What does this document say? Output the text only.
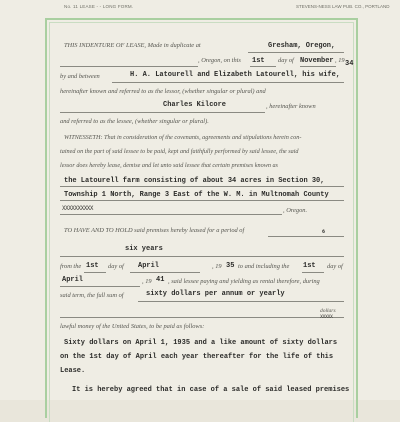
No. 11 LEASE - - LONG FORM.	STEVENS-NESS LAW PUB. CO., PORTLAND
THIS INDENTURE OF LEASE, Made in duplicate at	Gresham, Oregon,
, Oregon, on this 1st day of November , 19 34
by and between	H. A. Latourell and Elizabeth Latourell, his wife,
hereinafter known and referred to as the lessor, (whether singular or plural) and
Charles Kilcore	, hereinafter known
and referred to as the lessee, (whether singular or plural).
WITNESSETH: That in consideration of the covenants, agreements and stipulations herein con-
tained on the part of said lessee to be paid, kept and faithfully performed by said lessee, the said
lessor does hereby lease, demise and let unto said lessee that certain premises known as
the Latourell farm consisting of about 34 acres in Section 30,
Township 1 North, Range 3 East of the W. M. in Multnomah County
XXXXXXXXXX	, Oregon.
TO HAVE AND TO HOLD said premises hereby leased for a period of	6
six years
from the 1st day of April	, 19 35 to and including the 1st day of
April	, 19 41 , said lessee paying and yielding as rental therefore, during
said term, the full sum of	sixty dollars per annum or yearly
dollars
XXXXX
lawful money of the United States, to be paid as follows:
Sixty dollars on April 1, 1935 and a like amount of sixty dollars
on the 1st day of April each year thereafter for the life of this
Lease.
It is hereby agreed that in case of a sale of said leased premises
